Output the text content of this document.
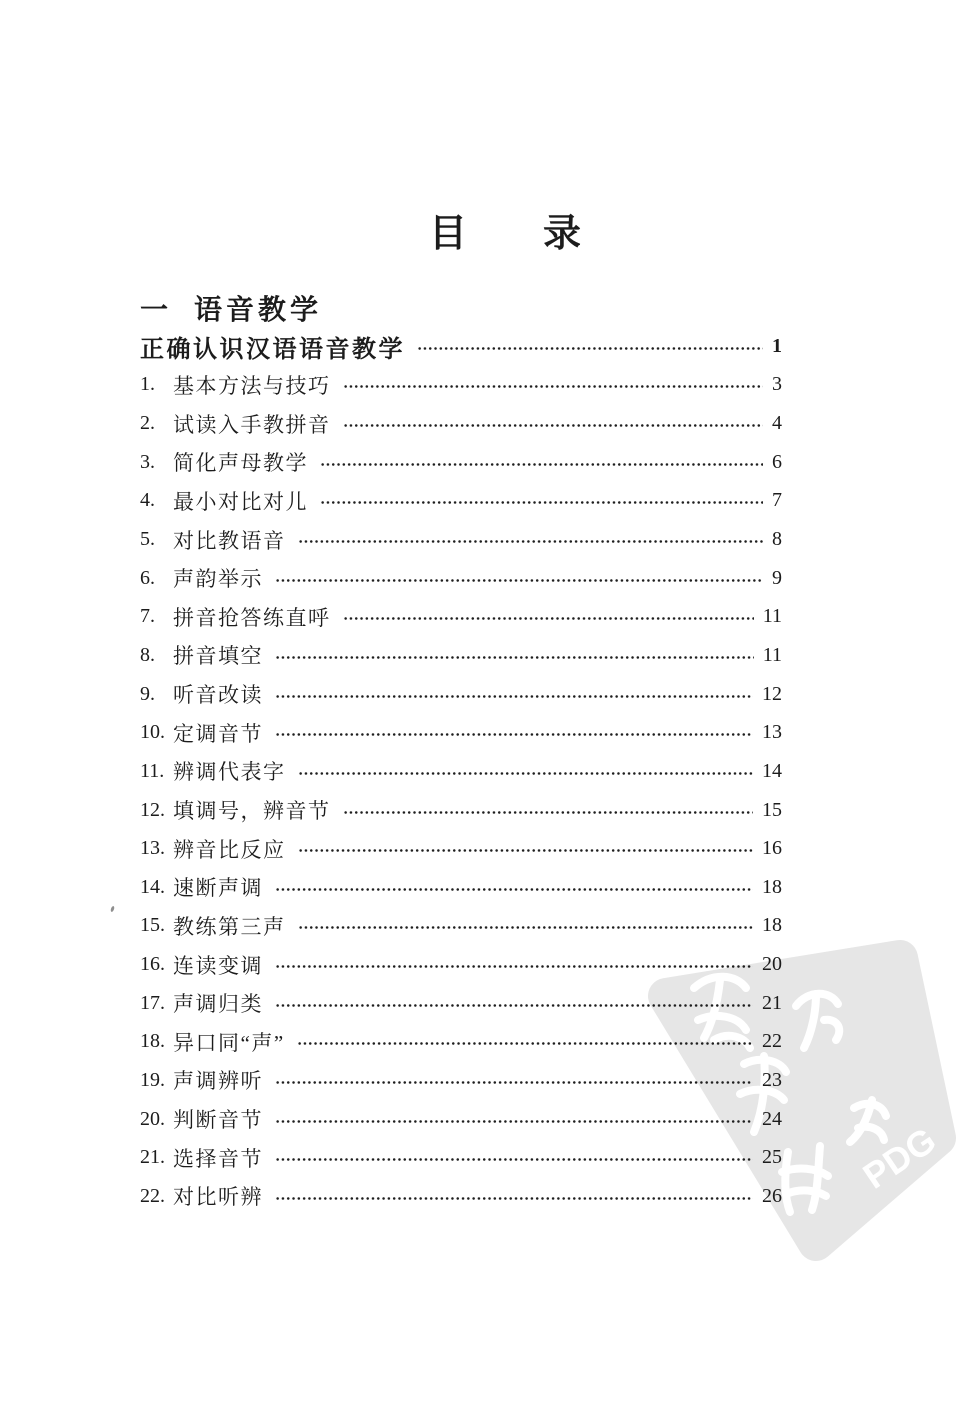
PDG
目　　录
一 语音教学
正确认识汉语语音教学	1
1. 基本方法与技巧	3
2. 试读入手教拼音	4
3. 简化声母教学	6
4. 最小对比对儿	7
5. 对比教语音	8
6. 声韵举示	9
7. 拼音抢答练直呼	11
8. 拼音填空	11
9. 听音改读	12
10. 定调音节	13
11. 辨调代表字	14
12. 填调号，辨音节	15
13. 辨音比反应	16
14. 速断声调	18
15. 教练第三声	18
16. 连读变调	20
17. 声调归类	21
18. 异口同“声”	22
19. 声调辨听	23
20. 判断音节	24
21. 选择音节	25
22. 对比听辨	26
